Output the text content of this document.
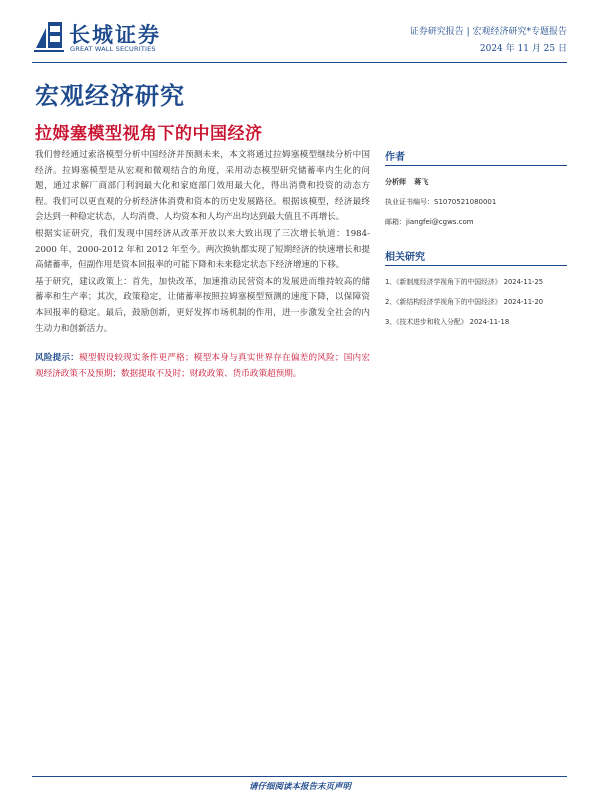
长城证券
GREAT WALL SECURITIES
证券研究报告 | 宏观经济研究*专题报告
2024 年 11 月 25 日
宏观经济研究
拉姆塞模型视角下的中国经济

我们曾经通过索洛模型分析中国经济并预测未来，本文将通过拉姆塞模型继续分析中国经济。拉姆塞模型是从宏观和微观结合的角度，采用动态模型研究储蓄率内生化的问题，通过求解厂商部门利润最大化和家庭部门效用最大化，得出消费和投资的动态方程。我们可以更直观的分析经济体消费和资本的历史发展路径。根据该模型，经济最终会达到一种稳定状态，人均消费、人均资本和人均产出均达到最大值且不再增长。

根据实证研究，我们发现中国经济从改革开放以来大致出现了三次增长轨道：1984-2000 年、2000-2012 年和 2012 年至今。两次换轨都实现了短期经济的快速增长和提高储蓄率，但副作用是资本回报率的可能下降和未来稳定状态下经济增速的下移。

基于研究，建议政策上：首先，加快改革，加速推动民营资本的发展进而维持较高的储蓄率和生产率；其次，政策稳定，让储蓄率按照拉姆塞模型预测的速度下降，以保障资本回报率的稳定。最后，鼓励创新，更好发挥市场机制的作用，进一步激发全社会的内生动力和创新活力。

风险提示：模型假设较现实条件更严格；模型本身与真实世界存在偏差的风险；国内宏观经济政策不及预期；数据提取不及时；财政政策、货币政策超预期。

作者
分析师 蒋飞
执业证书编号：S1070521080001
邮箱：jiangfei@cgws.com
相关研究
1、《新制度经济学视角下的中国经济》 2024-11-25
2、《新结构经济学视角下的中国经济》 2024-11-20
3、《技术进步和收入分配》 2024-11-18
请仔细阅读本报告末页声明
